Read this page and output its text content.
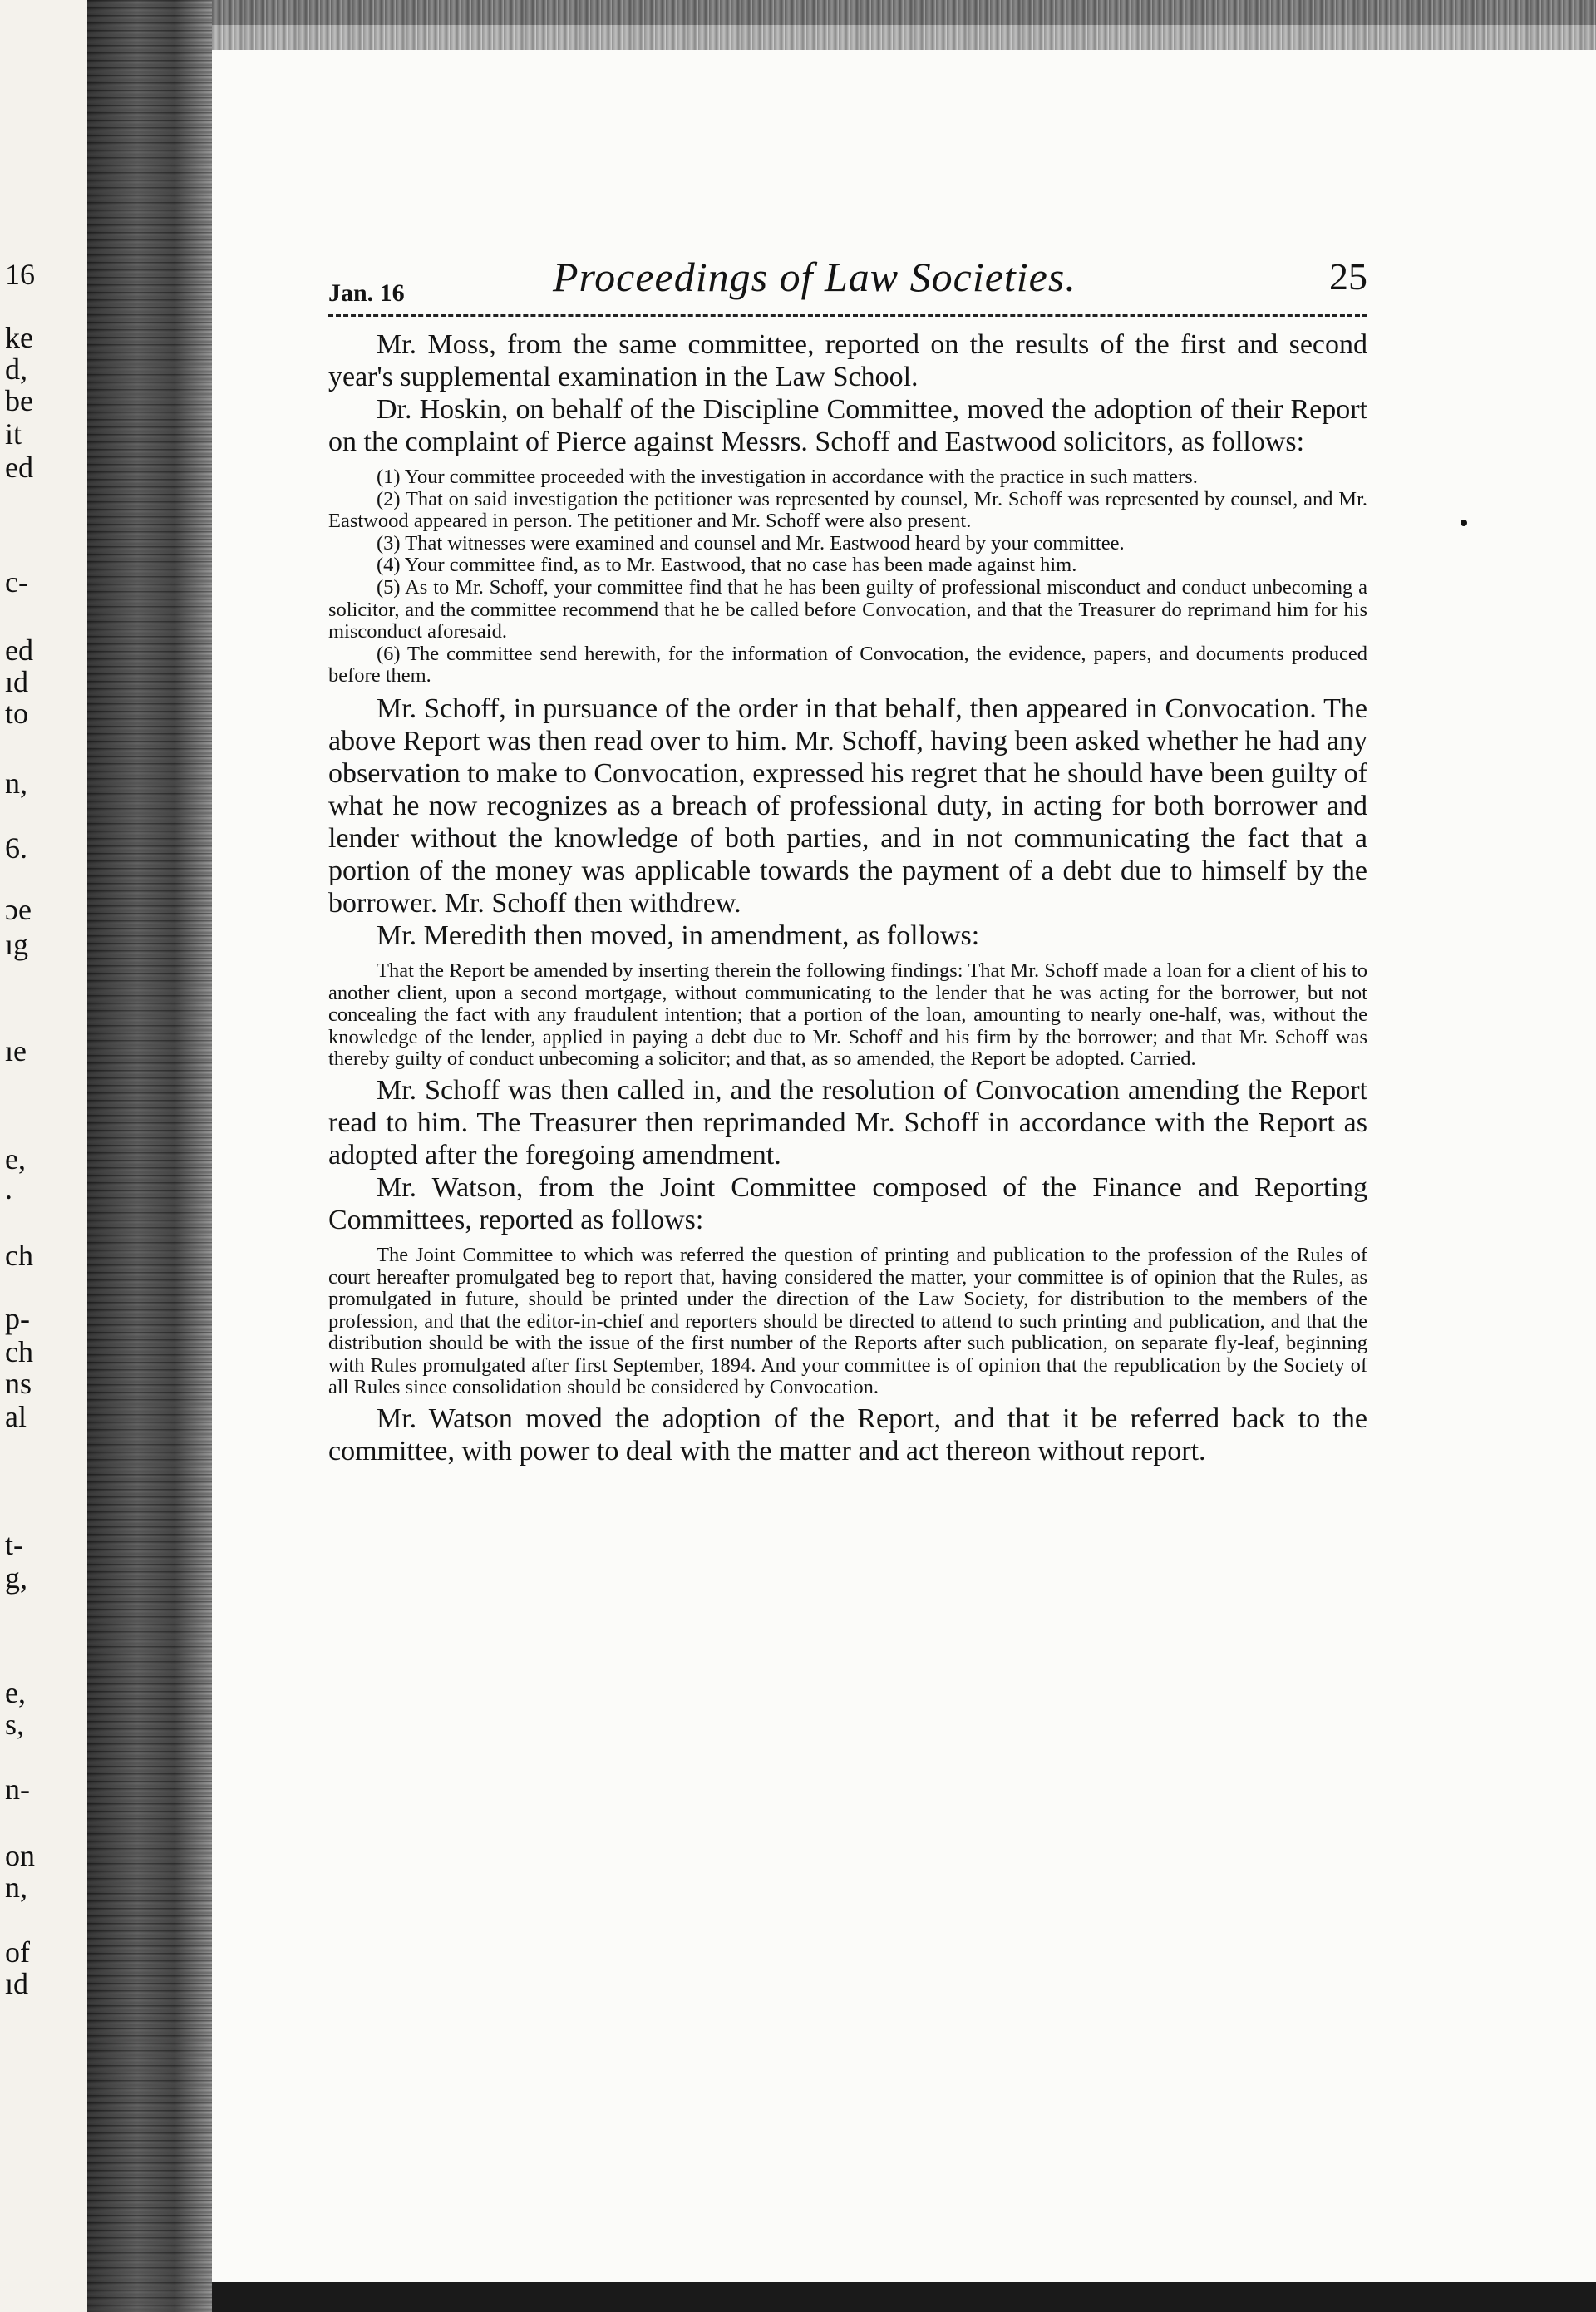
16
ke
d,
be
it
ed
c-
ed
ıd
to
n,
6.
ɔe
ıg
ıe
e,
.
ch
p-
ch
ns
al
t-
g,
e,
s,
n-
on
n,
of
ıd
Jan. 16	Proceedings of Law Societies.	25

Mr. Moss, from the same committee, reported on the results of the first and second year's supplemental examination in the Law School.

Dr. Hoskin, on behalf of the Discipline Committee, moved the adoption of their Report on the complaint of Pierce against Messrs. Schoff and Eastwood solicitors, as follows:

(1) Your committee proceeded with the investigation in accordance with the practice in such matters.
(2) That on said investigation the petitioner was represented by counsel, Mr. Schoff was represented by counsel, and Mr. Eastwood appeared in person. The petitioner and Mr. Schoff were also present.
(3) That witnesses were examined and counsel and Mr. Eastwood heard by your committee.
(4) Your committee find, as to Mr. Eastwood, that no case has been made against him.
(5) As to Mr. Schoff, your committee find that he has been guilty of professional misconduct and conduct unbecoming a solicitor, and the committee recommend that he be called before Convocation, and that the Treasurer do reprimand him for his misconduct aforesaid.
(6) The committee send herewith, for the information of Convocation, the evidence, papers, and documents produced before them.

Mr. Schoff, in pursuance of the order in that behalf, then appeared in Convocation. The above Report was then read over to him. Mr. Schoff, having been asked whether he had any observation to make to Convocation, expressed his regret that he should have been guilty of what he now recognizes as a breach of professional duty, in acting for both borrower and lender without the knowledge of both parties, and in not communicating the fact that a portion of the money was applicable towards the payment of a debt due to himself by the borrower. Mr. Schoff then withdrew.

Mr. Meredith then moved, in amendment, as follows:

That the Report be amended by inserting therein the following findings: That Mr. Schoff made a loan for a client of his to another client, upon a second mortgage, without communicating to the lender that he was acting for the borrower, but not concealing the fact with any fraudulent intention; that a portion of the loan, amounting to nearly one-half, was, without the knowledge of the lender, applied in paying a debt due to Mr. Schoff and his firm by the borrower; and that Mr. Schoff was thereby guilty of conduct unbecoming a solicitor; and that, as so amended, the Report be adopted. Carried.

Mr. Schoff was then called in, and the resolution of Convocation amending the Report read to him. The Treasurer then reprimanded Mr. Schoff in accordance with the Report as adopted after the foregoing amendment.

Mr. Watson, from the Joint Committee composed of the Finance and Reporting Committees, reported as follows:

The Joint Committee to which was referred the question of printing and publication to the profession of the Rules of court hereafter promulgated beg to report that, having considered the matter, your committee is of opinion that the Rules, as promulgated in future, should be printed under the direction of the Law Society, for distribution to the members of the profession, and that the editor-in-chief and reporters should be directed to attend to such printing and publication, and that the distribution should be with the issue of the first number of the Reports after such publication, on separate fly-leaf, beginning with Rules promulgated after first September, 1894. And your committee is of opinion that the republication by the Society of all Rules since consolidation should be considered by Convocation.

Mr. Watson moved the adoption of the Report, and that it be referred back to the committee, with power to deal with the matter and act thereon without report.
